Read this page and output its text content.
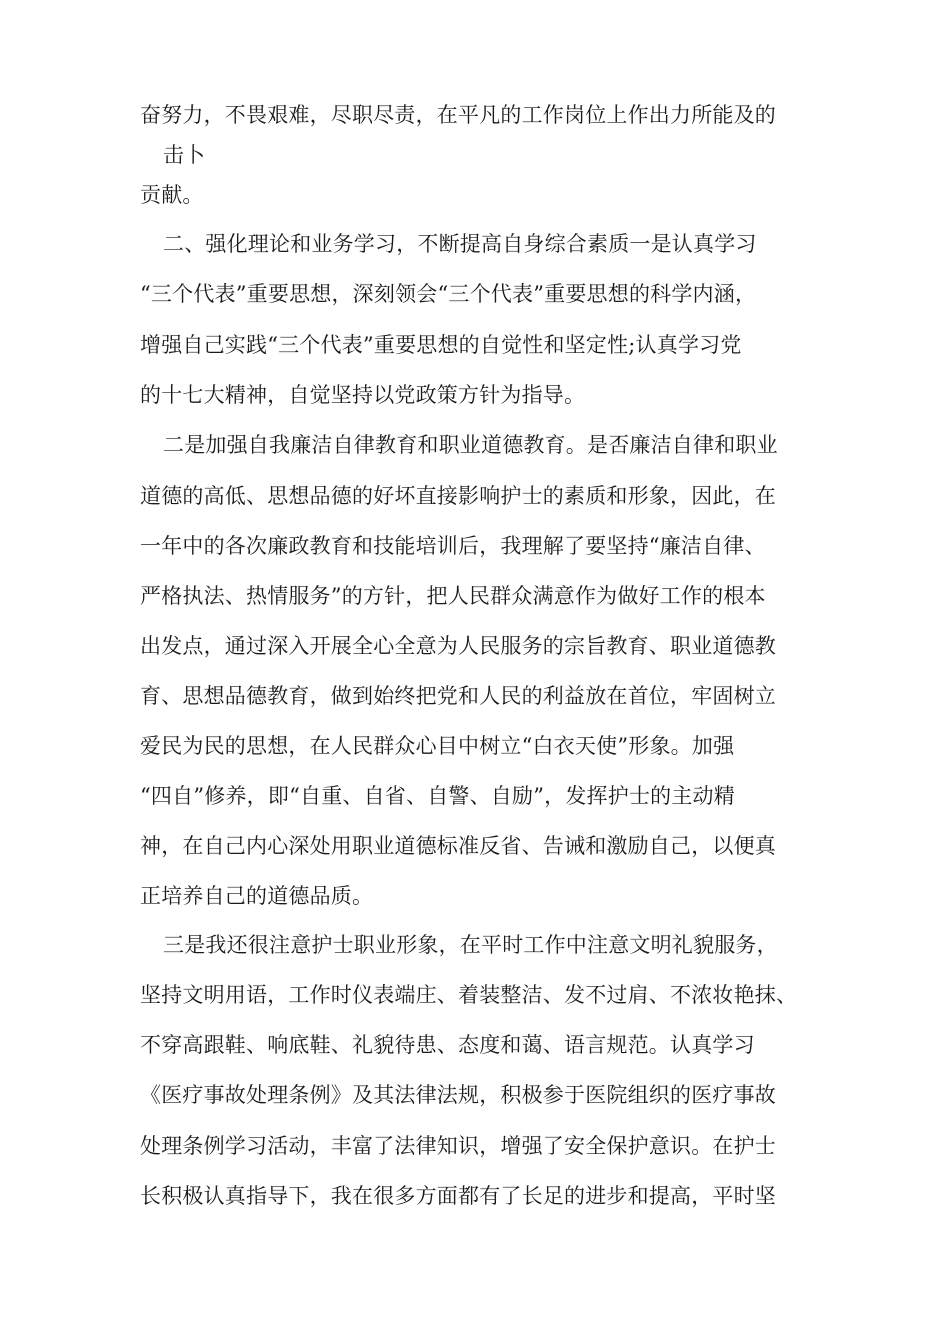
奋努力，不畏艰难，尽职尽责，在平凡的工作岗位上作出力所能及的
击卜
贡献。
二、强化理论和业务学习，不断提高自身综合素质一是认真学习
“三个代表”重要思想，深刻领会“三个代表”重要思想的科学内涵，
增强自己实践“三个代表”重要思想的自觉性和坚定性;认真学习党
的十七大精神，自觉坚持以党政策方针为指导。
二是加强自我廉洁自律教育和职业道德教育。是否廉洁自律和职业
道德的高低、思想品德的好坏直接影响护士的素质和形象，因此，在
一年中的各次廉政教育和技能培训后，我理解了要坚持“廉洁自律、
严格执法、热情服务”的方针，把人民群众满意作为做好工作的根本
出发点，通过深入开展全心全意为人民服务的宗旨教育、职业道德教
育、思想品德教育，做到始终把党和人民的利益放在首位，牢固树立
爱民为民的思想，在人民群众心目中树立“白衣天使”形象。加强
“四自”修养，即“自重、自省、自警、自励”，发挥护士的主动精
神，在自己内心深处用职业道德标准反省、告诫和激励自己，以便真
正培养自己的道德品质。
三是我还很注意护士职业形象，在平时工作中注意文明礼貌服务，
坚持文明用语，工作时仪表端庄、着装整洁、发不过肩、不浓妆艳抹、
不穿高跟鞋、响底鞋、礼貌待患、态度和蔼、语言规范。认真学习
《医疗事故处理条例》及其法律法规，积极参于医院组织的医疗事故
处理条例学习活动，丰富了法律知识，增强了安全保护意识。在护士
长积极认真指导下，我在很多方面都有了长足的进步和提高，平时坚
